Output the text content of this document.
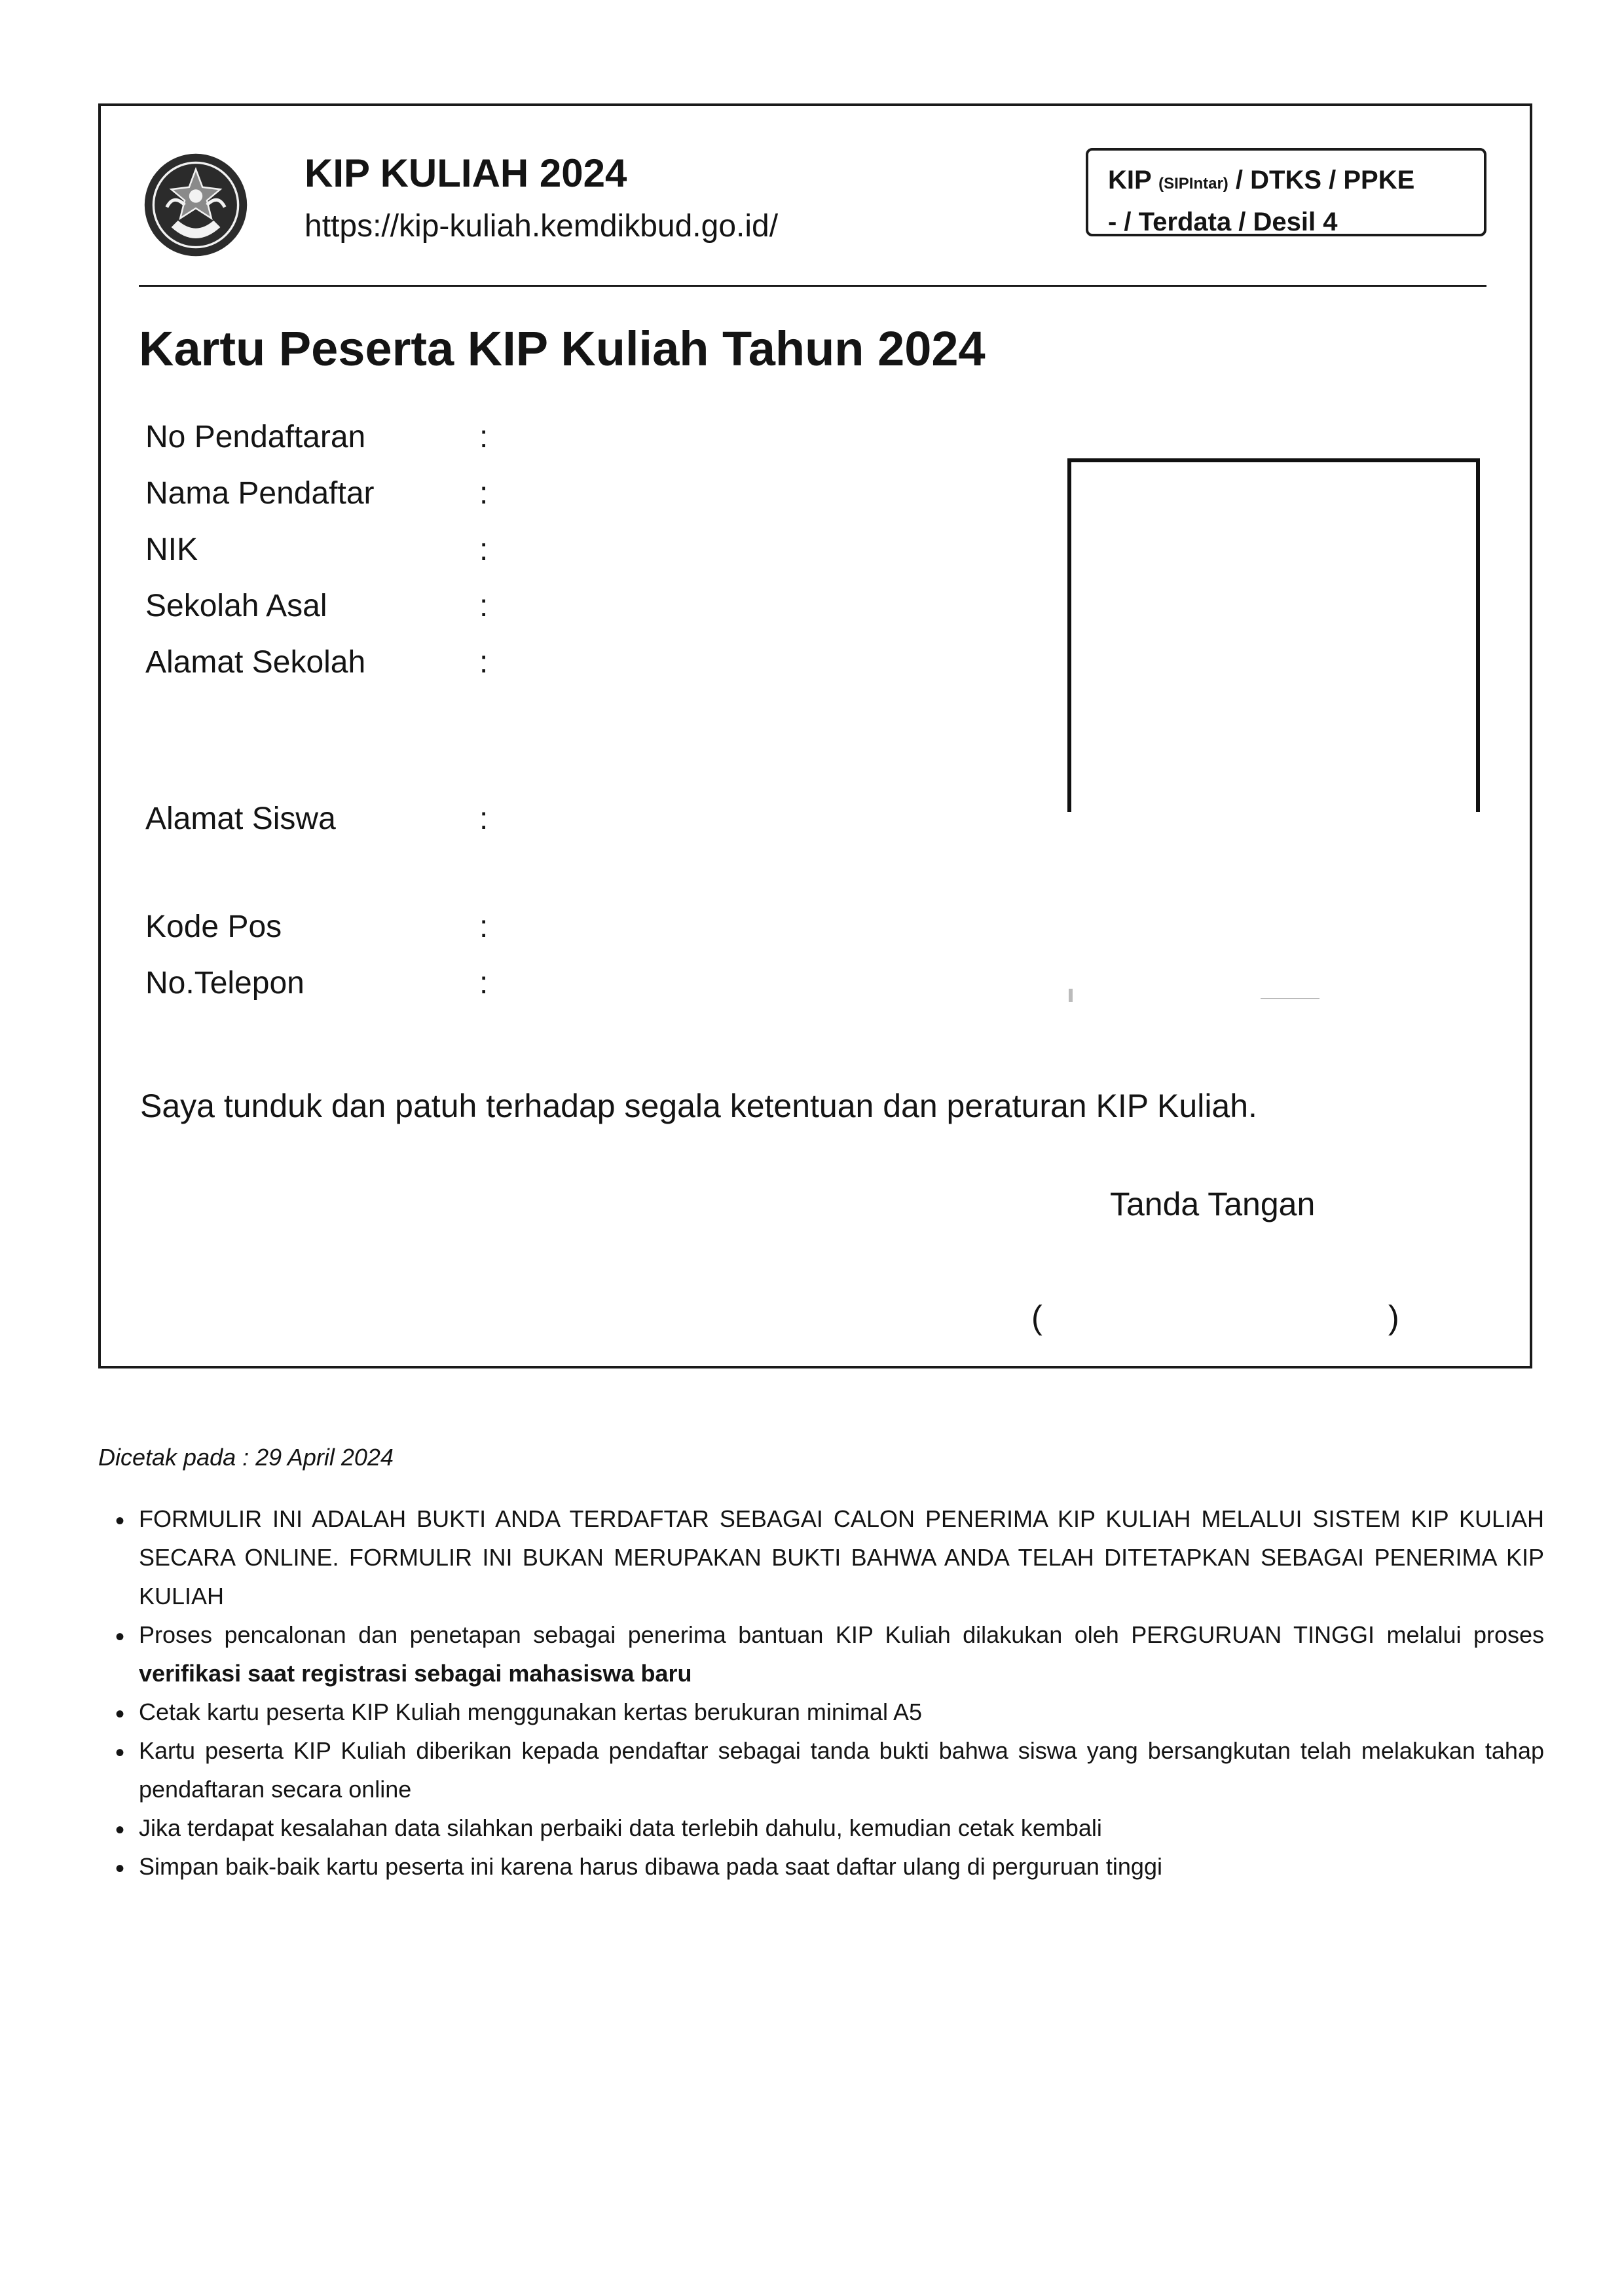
KIP KULIAH 2024
https://kip-kuliah.kemdikbud.go.id/
KIP (SIPIntar) / DTKS / PPKE
- / Terdata / Desil 4
Kartu Peserta KIP Kuliah Tahun 2024
No Pendaftaran	:
Nama Pendaftar	:
NIK	:
Sekolah Asal	:
Alamat Sekolah	:
Alamat Siswa	:
Kode Pos	:
No.Telepon	:
Saya tunduk dan patuh terhadap segala ketentuan dan peraturan KIP Kuliah.
Tanda Tangan
(	)
Dicetak pada : 29 April 2024
• FORMULIR INI ADALAH BUKTI ANDA TERDAFTAR SEBAGAI CALON PENERIMA KIP KULIAH MELALUI SISTEM KIP KULIAH SECARA ONLINE. FORMULIR INI BUKAN MERUPAKAN BUKTI BAHWA ANDA TELAH DITETAPKAN SEBAGAI PENERIMA KIP KULIAH
• Proses pencalonan dan penetapan sebagai penerima bantuan KIP Kuliah dilakukan oleh PERGURUAN TINGGI melalui proses verifikasi saat registrasi sebagai mahasiswa baru
• Cetak kartu peserta KIP Kuliah menggunakan kertas berukuran minimal A5
• Kartu peserta KIP Kuliah diberikan kepada pendaftar sebagai tanda bukti bahwa siswa yang bersangkutan telah melakukan tahap pendaftaran secara online
• Jika terdapat kesalahan data silahkan perbaiki data terlebih dahulu, kemudian cetak kembali
• Simpan baik-baik kartu peserta ini karena harus dibawa pada saat daftar ulang di perguruan tinggi
